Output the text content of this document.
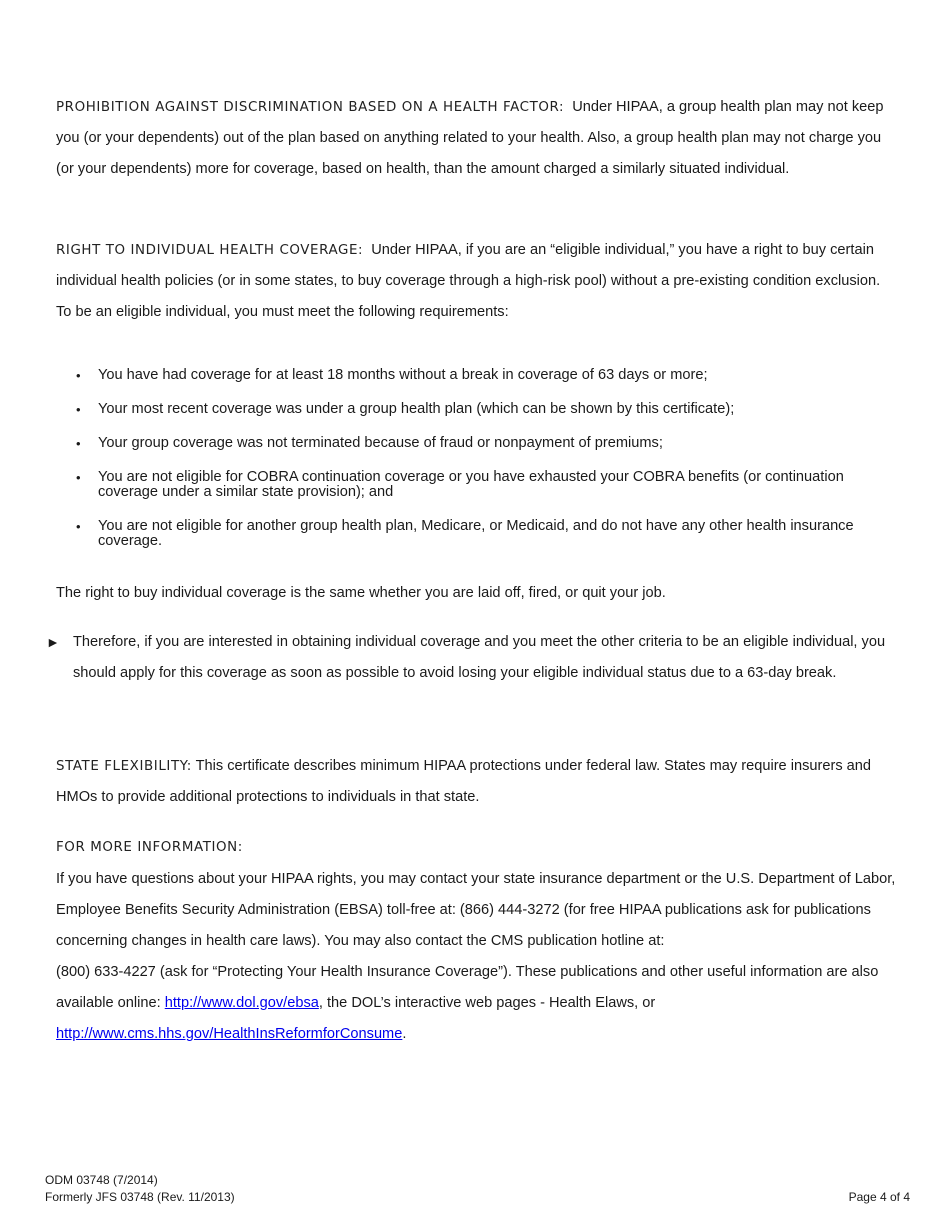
PROHIBITION AGAINST DISCRIMINATION BASED ON A HEALTH FACTOR: Under HIPAA, a group health plan may not keep you (or your dependents) out of the plan based on anything related to your health. Also, a group health plan may not charge you (or your dependents) more for coverage, based on health, than the amount charged a similarly situated individual.
RIGHT TO INDIVIDUAL HEALTH COVERAGE: Under HIPAA, if you are an “eligible individual,” you have a right to buy certain individual health policies (or in some states, to buy coverage through a high-risk pool) without a pre-existing condition exclusion. To be an eligible individual, you must meet the following requirements:
• You have had coverage for at least 18 months without a break in coverage of 63 days or more;
• Your most recent coverage was under a group health plan (which can be shown by this certificate);
• Your group coverage was not terminated because of fraud or nonpayment of premiums;
• You are not eligible for COBRA continuation coverage or you have exhausted your COBRA benefits (or continuation coverage under a similar state provision); and
• You are not eligible for another group health plan, Medicare, or Medicaid, and do not have any other health insurance coverage.
The right to buy individual coverage is the same whether you are laid off, fired, or quit your job.
► Therefore, if you are interested in obtaining individual coverage and you meet the other criteria to be an eligible individual, you should apply for this coverage as soon as possible to avoid losing your eligible individual status due to a 63-day break.
STATE FLEXIBILITY: This certificate describes minimum HIPAA protections under federal law. States may require insurers and HMOs to provide additional protections to individuals in that state.
FOR MORE INFORMATION:
If you have questions about your HIPAA rights, you may contact your state insurance department or the U.S. Department of Labor, Employee Benefits Security Administration (EBSA) toll-free at: (866) 444-3272 (for free HIPAA publications ask for publications concerning changes in health care laws). You may also contact the CMS publication hotline at:
(800) 633-4227 (ask for “Protecting Your Health Insurance Coverage”). These publications and other useful information are also available online: http://www.dol.gov/ebsa, the DOL’s interactive web pages - Health Elaws, or
http://www.cms.hhs.gov/HealthInsReformforConsume.
ODM 03748 (7/2014)
Formerly JFS 03748 (Rev. 11/2013)	Page 4 of 4
